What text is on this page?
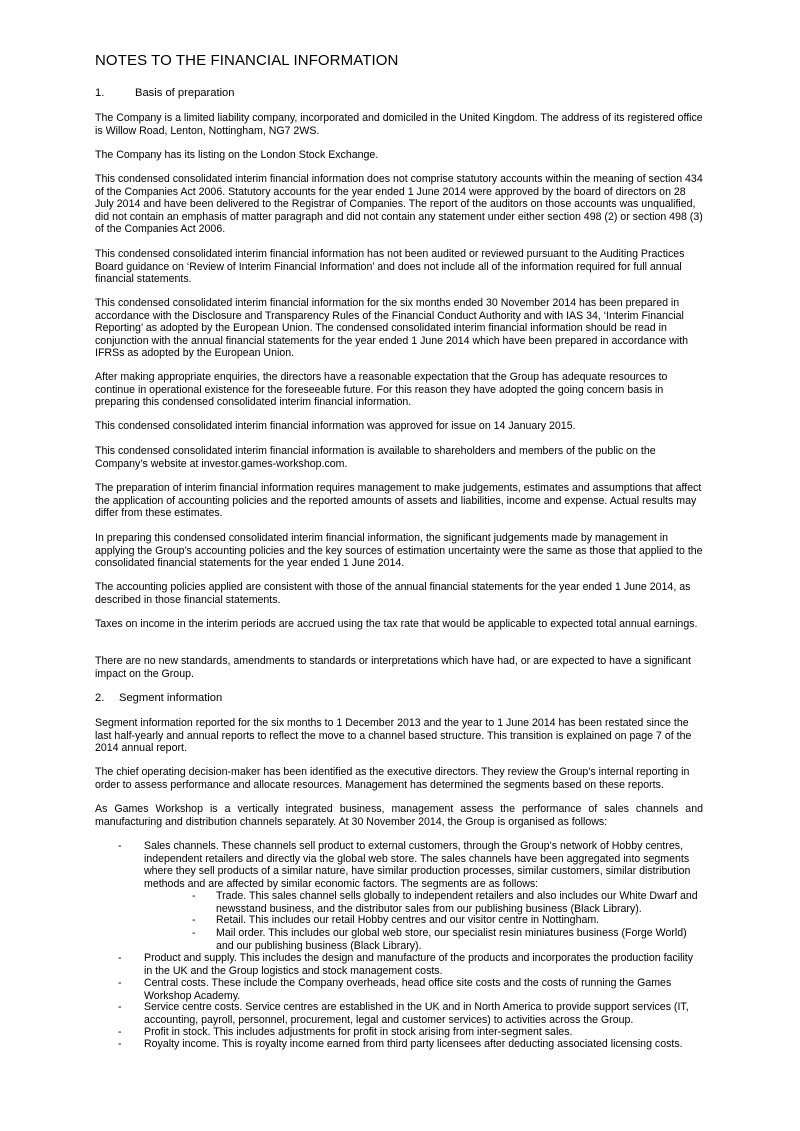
NOTES TO THE FINANCIAL INFORMATION
1.	Basis of preparation
The Company is a limited liability company, incorporated and domiciled in the United Kingdom. The address of its registered office is Willow Road, Lenton, Nottingham, NG7 2WS.
The Company has its listing on the London Stock Exchange.
This condensed consolidated interim financial information does not comprise statutory accounts within the meaning of section 434 of the Companies Act 2006. Statutory accounts for the year ended 1 June 2014 were approved by the board of directors on 28 July 2014 and have been delivered to the Registrar of Companies. The report of the auditors on those accounts was unqualified, did not contain an emphasis of matter paragraph and did not contain any statement under either section 498 (2) or section 498 (3) of the Companies Act 2006.
This condensed consolidated interim financial information has not been audited or reviewed pursuant to the Auditing Practices Board guidance on ‘Review of Interim Financial Information’ and does not include all of the information required for full annual financial statements.
This condensed consolidated interim financial information for the six months ended 30 November 2014 has been prepared in accordance with the Disclosure and Transparency Rules of the Financial Conduct Authority and with IAS 34, ‘Interim Financial Reporting’ as adopted by the European Union. The condensed consolidated interim financial information should be read in conjunction with the annual financial statements for the year ended 1 June 2014 which have been prepared in accordance with IFRSs as adopted by the European Union.
After making appropriate enquiries, the directors have a reasonable expectation that the Group has adequate resources to continue in operational existence for the foreseeable future. For this reason they have adopted the going concern basis in preparing this condensed consolidated interim financial information.
This condensed consolidated interim financial information was approved for issue on 14 January 2015.
This condensed consolidated interim financial information is available to shareholders and members of the public on the Company’s website at investor.games-workshop.com.
The preparation of interim financial information requires management to make judgements, estimates and assumptions that affect the application of accounting policies and the reported amounts of assets and liabilities, income and expense. Actual results may differ from these estimates.
In preparing this condensed consolidated interim financial information, the significant judgements made by management in applying the Group’s accounting policies and the key sources of estimation uncertainty were the same as those that applied to the consolidated financial statements for the year ended 1 June 2014.
The accounting policies applied are consistent with those of the annual financial statements for the year ended 1 June 2014, as described in those financial statements.
Taxes on income in the interim periods are accrued using the tax rate that would be applicable to expected total annual earnings.
There are no new standards, amendments to standards or interpretations which have had, or are expected to have a significant impact on the Group.
2. Segment information
Segment information reported for the six months to 1 December 2013 and the year to 1 June 2014 has been restated since the last half-yearly and annual reports to reflect the move to a channel based structure. This transition is explained on page 7 of the 2014 annual report.
The chief operating decision-maker has been identified as the executive directors. They review the Group’s internal reporting in order to assess performance and allocate resources. Management has determined the segments based on these reports.
As Games Workshop is a vertically integrated business, management assess the performance of sales channels and manufacturing and distribution channels separately. At 30 November 2014, the Group is organised as follows:
- Sales channels. These channels sell product to external customers, through the Group’s network of Hobby centres, independent retailers and directly via the global web store. The sales channels have been aggregated into segments where they sell products of a similar nature, have similar production processes, similar customers, similar distribution methods and are affected by similar economic factors. The segments are as follows:
- Trade. This sales channel sells globally to independent retailers and also includes our White Dwarf and newsstand business, and the distributor sales from our publishing business (Black Library).
- Retail. This includes our retail Hobby centres and our visitor centre in Nottingham.
- Mail order. This includes our global web store, our specialist resin miniatures business (Forge World) and our publishing business (Black Library).
- Product and supply. This includes the design and manufacture of the products and incorporates the production facility in the UK and the Group logistics and stock management costs.
- Central costs. These include the Company overheads, head office site costs and the costs of running the Games Workshop Academy.
- Service centre costs. Service centres are established in the UK and in North America to provide support services (IT, accounting, payroll, personnel, procurement, legal and customer services) to activities across the Group.
- Profit in stock. This includes adjustments for profit in stock arising from inter-segment sales.
- Royalty income. This is royalty income earned from third party licensees after deducting associated licensing costs.
